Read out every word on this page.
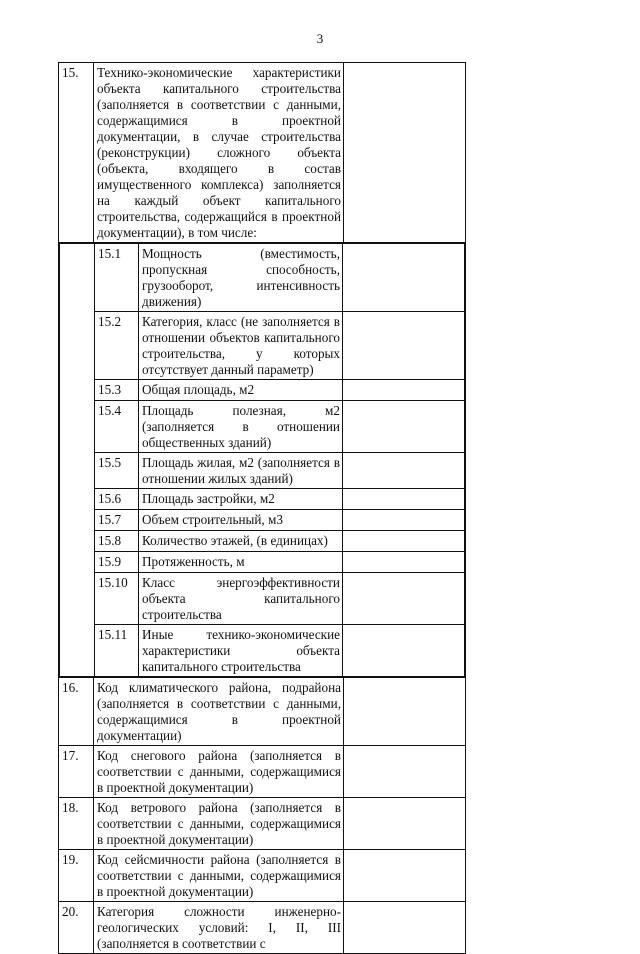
3
15.	Технико-экономические характеристики объекта капитального строительства (заполняется в соответствии с данными, содержащимися в проектной документации, в случае строительства (реконструкции) сложного объекта (объекта, входящего в состав имущественного комплекса) заполняется на каждый объект капитального строительства, содержащийся в проектной документации), в том числе:	

	15.1	Мощность (вместимость, пропускная способность, грузооборот, интенсивность движения)	
15.2	Категория, класс (не заполняется в отношении объектов капитального строительства, у которых отсутствует данный параметр)	
15.3	Общая площадь, м2	
15.4	Площадь полезная, м2 (заполняется в отношении общественных зданий)	
15.5	Площадь жилая, м2 (заполняется в отношении жилых зданий)	
15.6	Площадь застройки, м2	
15.7	Объем строительный, м3	
15.8	Количество этажей, (в единицах)	
15.9	Протяженность, м	
15.10	Класс энергоэффективности объекта капитального строительства	
15.11	Иные технико-экономические характеристики объекта капитального строительства	

16.	Код климатического района, подрайона (заполняется в соответствии с данными, содержащимися в проектной документации)	
17.	Код снегового района (заполняется в соответствии с данными, содержащимися в проектной документации)	
18.	Код ветрового района (заполняется в соответствии с данными, содержащимися в проектной документации)	
19.	Код сейсмичности района (заполняется в соответствии с данными, содержащимися в проектной документации)	
20.	Категория сложности инженерно-геологических условий: I, II, III (заполняется в соответствии с	
